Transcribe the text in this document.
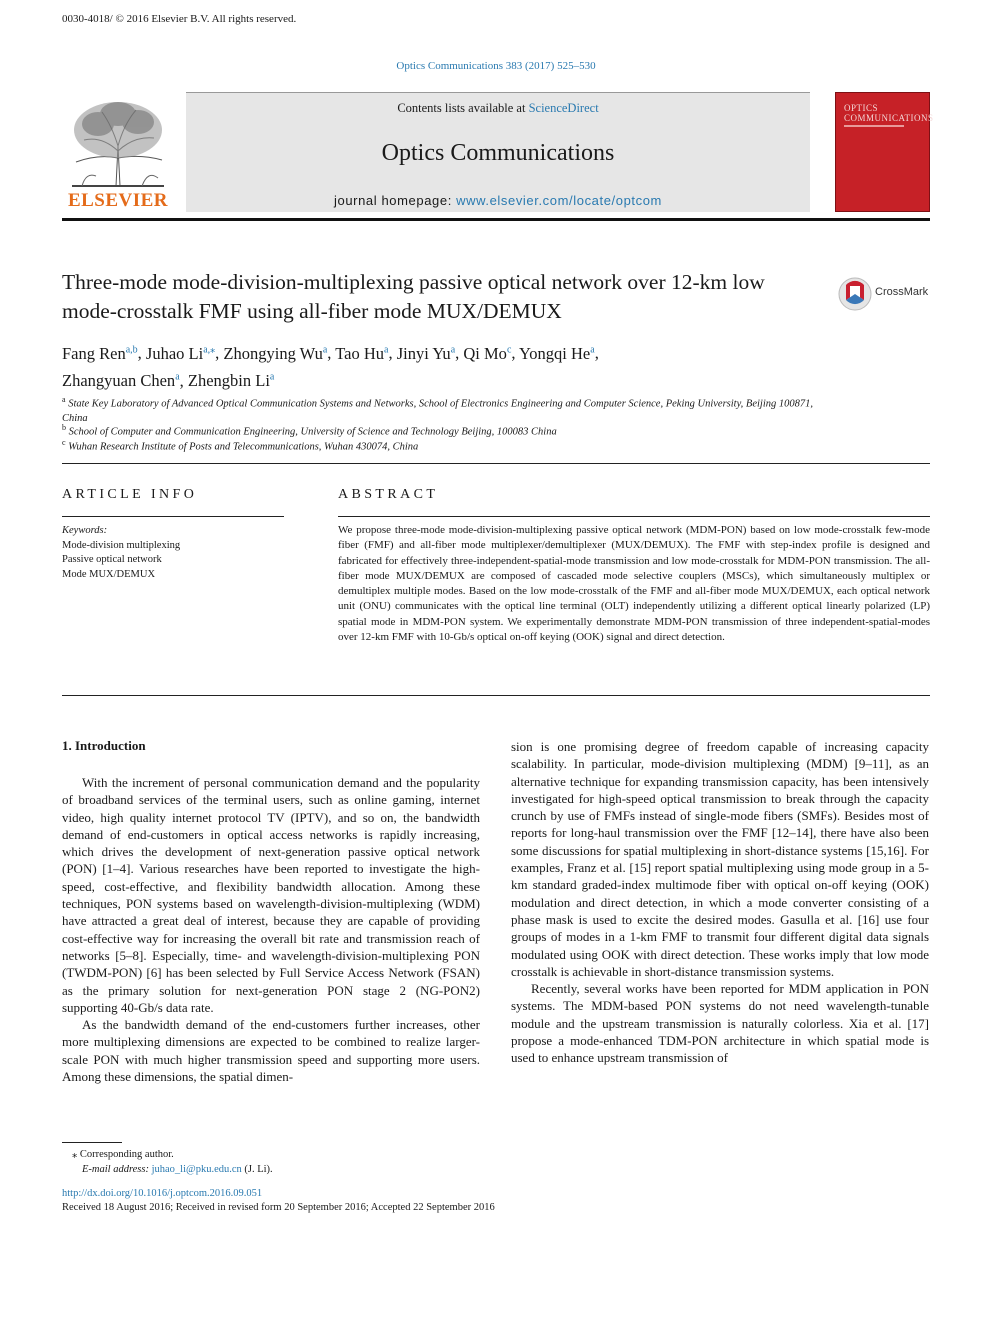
0030-4018/ © 2016 Elsevier B.V. All rights reserved.
Optics Communications 383 (2017) 525–530
ELSEVIER
Contents lists available at ScienceDirect
Optics Communications
journal homepage: www.elsevier.com/locate/optcom
OPTICS COMMUNICATIONS
Three-mode mode-division-multiplexing passive optical network over 12-km low mode-crosstalk FMF using all-fiber mode MUX/DEMUX
CrossMark
Fang Ren$^{a,b}$, Juhao $Li^{a,⁎}$, Zhongying Wu$^a$, Tao Hu$^a$, Jinyi Yu$^a$, Qi Mo$^c$, Yongqi He$^a$,
Zhangyuan Chen$^a$, Zhengbin Li$^a$
$^a$ State Key Laboratory of Advanced Optical Communication Systems and Networks, School of Electronics Engineering and Computer Science, Peking University, Beijing 100871, China
$^b$ School of Computer and Communication Engineering, University of Science and Technology Beijing, 100083 China
$^c$ Wuhan Research Institute of Posts and Telecommunications, Wuhan 430074, China
ARTICLE INFO	ABSTRACT
Keywords:
Mode-division multiplexing
Passive optical network
Mode MUX/DEMUX
We propose three-mode mode-division-multiplexing passive optical network (MDM-PON) based on low mode-crosstalk few-mode fiber (FMF) and all-fiber mode multiplexer/demultiplexer (MUX/DEMUX). The FMF with step-index profile is designed and fabricated for effectively three-independent-spatial-mode transmission and low mode-crosstalk for MDM-PON transmission. The all-fiber mode MUX/DEMUX are composed of cascaded mode selective couplers (MSCs), which simultaneously multiplex or demultiplex multiple modes. Based on the low mode-crosstalk of the FMF and all-fiber mode MUX/DEMUX, each optical network unit (ONU) communicates with the optical line terminal (OLT) independently utilizing a different optical linearly polarized (LP) spatial mode in MDM-PON system. We experimentally demonstrate MDM-PON transmission of three independent-spatial-modes over 12-km FMF with 10-Gb/s optical on-off keying (OOK) signal and direct detection.
1. Introduction

With the increment of personal communication demand and the popularity of broadband services of the terminal users, such as online gaming, internet video, high quality internet protocol TV (IPTV), and so on, the bandwidth demand of end-customers in optical access networks is rapidly increasing, which drives the development of next-generation passive optical network (PON) [1–4]. Various researches have been reported to investigate the high-speed, cost-effective, and flexibility bandwidth allocation. Among these techniques, PON systems based on wavelength-division-multiplexing (WDM) have attracted a great deal of interest, because they are capable of providing cost-effective way for increasing the overall bit rate and transmission reach of networks [5–8]. Especially, time- and wavelength-division-multiplexing PON (TWDM-PON) [6] has been selected by Full Service Access Network (FSAN) as the primary solution for next-generation PON stage 2 (NG-PON2) supporting 40-Gb/s data rate.

As the bandwidth demand of the end-customers further increases, other more multiplexing dimensions are expected to be combined to realize larger-scale PON with much higher transmission speed and supporting more users. Among these dimensions, the spatial dimen-

sion is one promising degree of freedom capable of increasing capacity scalability. In particular, mode-division multiplexing (MDM) [9–11], as an alternative technique for expanding transmission capacity, has been intensively investigated for high-speed optical transmission to break through the capacity crunch by use of FMFs instead of single-mode fibers (SMFs). Besides most of reports for long-haul transmission over the FMF [12–14], there have also been some discussions for spatial multiplexing in short-distance systems [15,16]. For examples, Franz et al. [15] report spatial multiplexing using mode group in a 5-km standard graded-index multimode fiber with optical on-off keying (OOK) modulation and direct detection, in which a mode converter consisting of a phase mask is used to excite the desired modes. Gasulla et al. [16] use four groups of modes in a 1-km FMF to transmit four different digital data signals modulated using OOK with direct detection. These works imply that low mode crosstalk is achievable in short-distance transmission systems.

Recently, several works have been reported for MDM application in PON systems. The MDM-based PON systems do not need wavelength-tunable module and the upstream transmission is naturally colorless. Xia et al. [17] propose a mode-enhanced TDM-PON architecture in which spatial mode is used to enhance upstream transmission of

⁎ Corresponding author.
E-mail address: juhao_li@pku.edu.cn (J. Li).
http://dx.doi.org/10.1016/j.optcom.2016.09.051
Received 18 August 2016; Received in revised form 20 September 2016; Accepted 22 September 2016
